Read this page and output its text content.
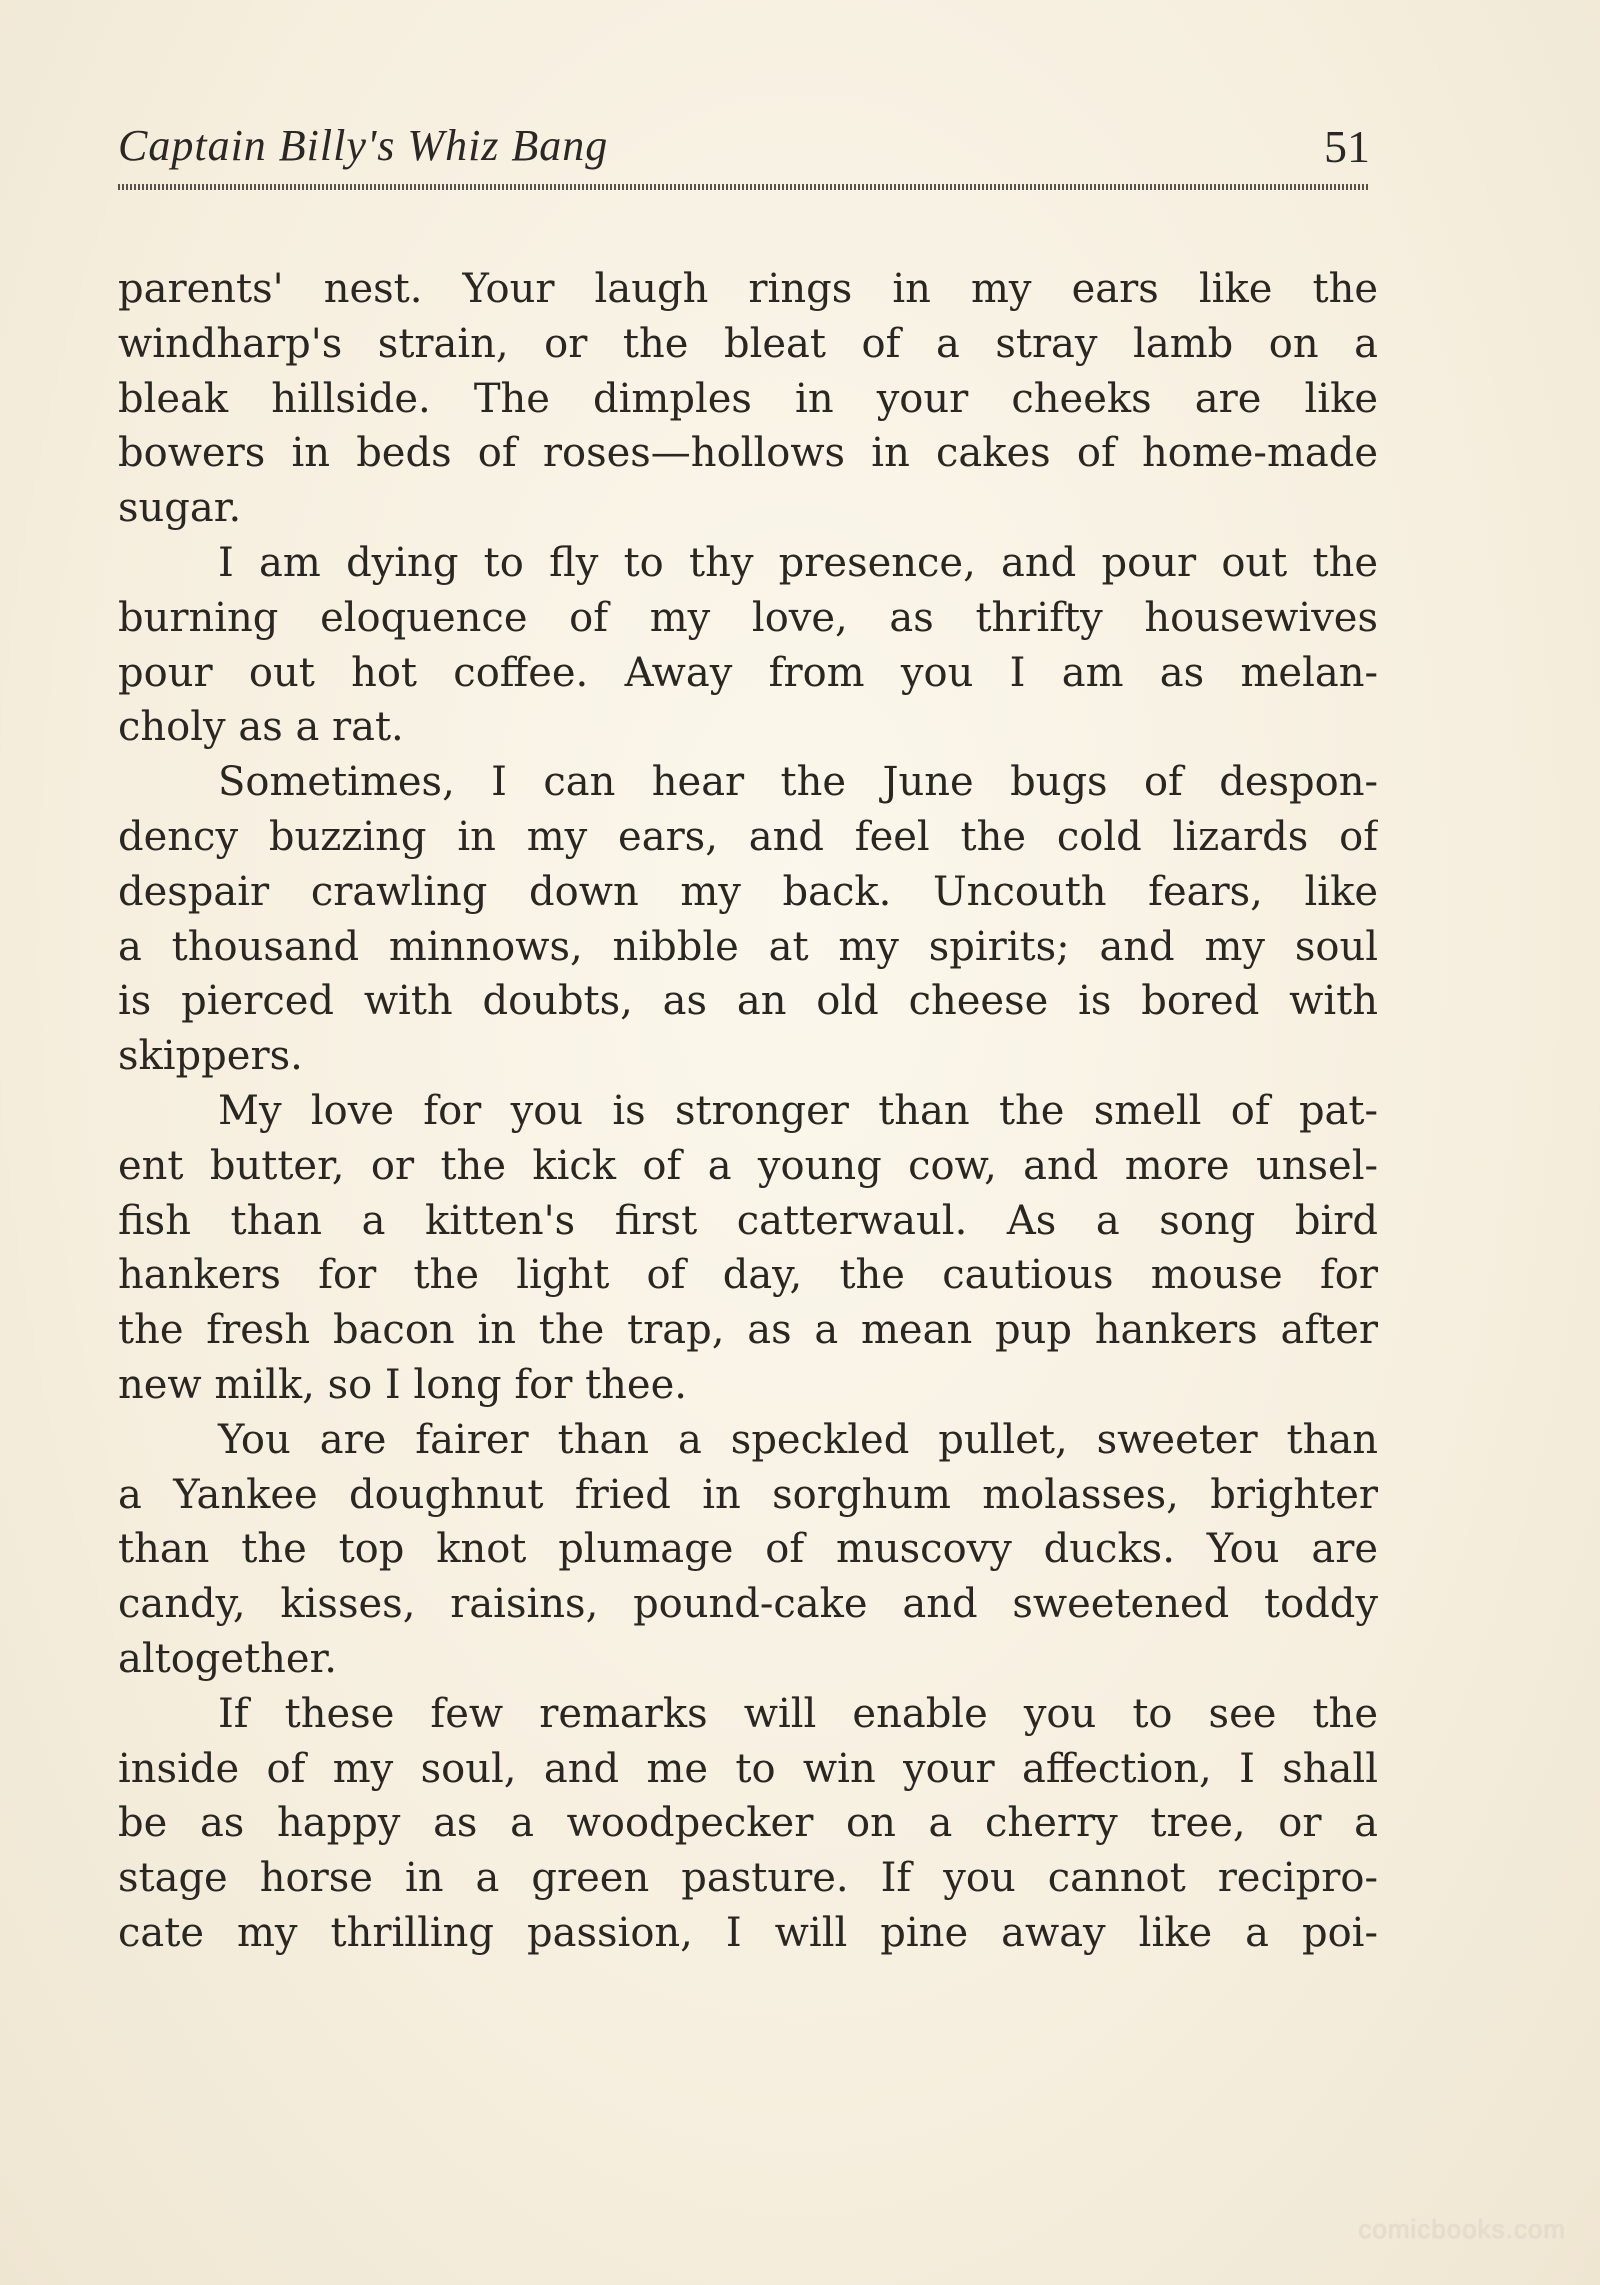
Captain Billy's Whiz Bang	51
parents' nest. Your laugh rings in my ears like the
windharp's strain, or the bleat of a stray lamb on a
bleak hillside. The dimples in your cheeks are like
bowers in beds of roses—hollows in cakes of home-made
sugar.
I am dying to fly to thy presence, and pour out the
burning eloquence of my love, as thrifty housewives
pour out hot coffee. Away from you I am as melan-
choly as a rat.
Sometimes, I can hear the June bugs of despon-
dency buzzing in my ears, and feel the cold lizards of
despair crawling down my back. Uncouth fears, like
a thousand minnows, nibble at my spirits; and my soul
is pierced with doubts, as an old cheese is bored with
skippers.
My love for you is stronger than the smell of pat-
ent butter, or the kick of a young cow, and more unsel-
fish than a kitten's first catterwaul. As a song bird
hankers for the light of day, the cautious mouse for
the fresh bacon in the trap, as a mean pup hankers after
new milk, so I long for thee.
You are fairer than a speckled pullet, sweeter than
a Yankee doughnut fried in sorghum molasses, brighter
than the top knot plumage of muscovy ducks. You are
candy, kisses, raisins, pound-cake and sweetened toddy
altogether.
If these few remarks will enable you to see the
inside of my soul, and me to win your affection, I shall
be as happy as a woodpecker on a cherry tree, or a
stage horse in a green pasture. If you cannot recipro-
cate my thrilling passion, I will pine away like a poi-
comicbooks.com
